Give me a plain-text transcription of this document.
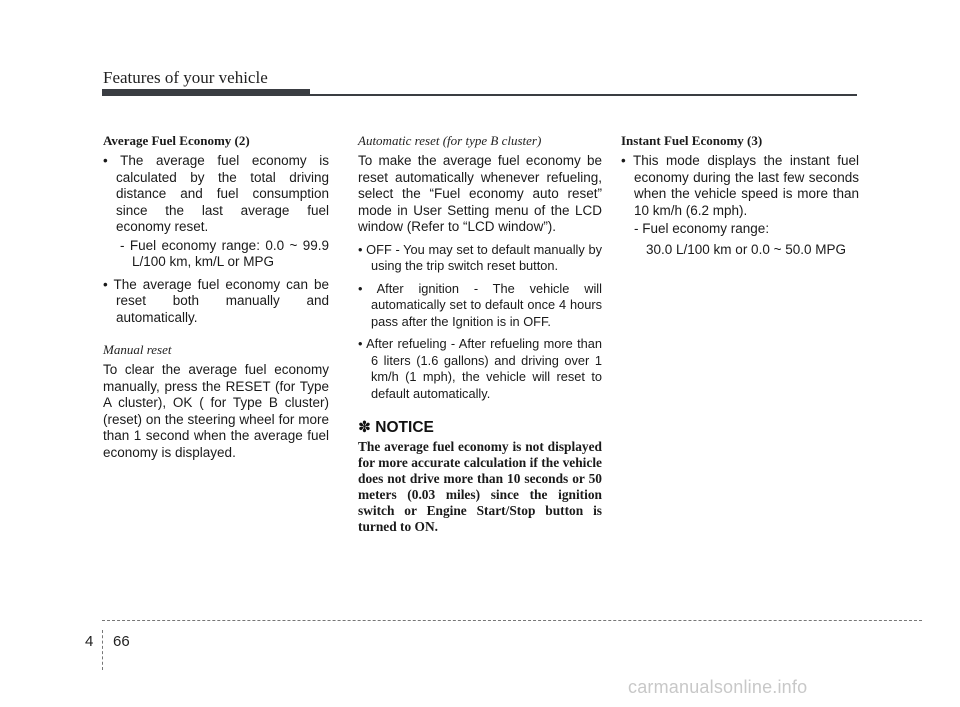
Features of your vehicle
Average Fuel Economy (2)

• The average fuel economy is calculated by the total driving distance and fuel consumption since the last average fuel economy reset.

- Fuel economy range: 0.0 ~ 99.9 L/100 km, km/L or MPG

• The average fuel economy can be reset both manually and automatically.

Manual reset

To clear the average fuel economy manually, press the RESET (for Type A cluster), OK ( for Type B cluster) (reset) on the steering wheel for more than 1 second when the average fuel economy is displayed.

Automatic reset (for type B cluster)

To make the average fuel economy be reset automatically whenever refueling, select the “Fuel economy auto reset” mode in User Setting menu of the LCD window (Refer to “LCD window”).

• OFF - You may set to default manually by using the trip switch reset button.

• After ignition - The vehicle will automatically set to default once 4 hours pass after the Ignition is in OFF.

• After refueling - After refueling more than 6 liters (1.6 gallons) and driving over 1 km/h (1 mph), the vehicle will reset to default automatically.

✽ NOTICE

The average fuel economy is not displayed for more accurate calculation if the vehicle does not drive more than 10 seconds or 50 meters (0.03 miles) since the ignition switch or Engine Start/Stop button is turned to ON.

Instant Fuel Economy (3)

• This mode displays the instant fuel economy during the last few seconds when the vehicle speed is more than 10 km/h (6.2 mph).

- Fuel economy range:

30.0 L/100 km or 0.0 ~ 50.0 MPG

4 66
carmanualsonline.info
